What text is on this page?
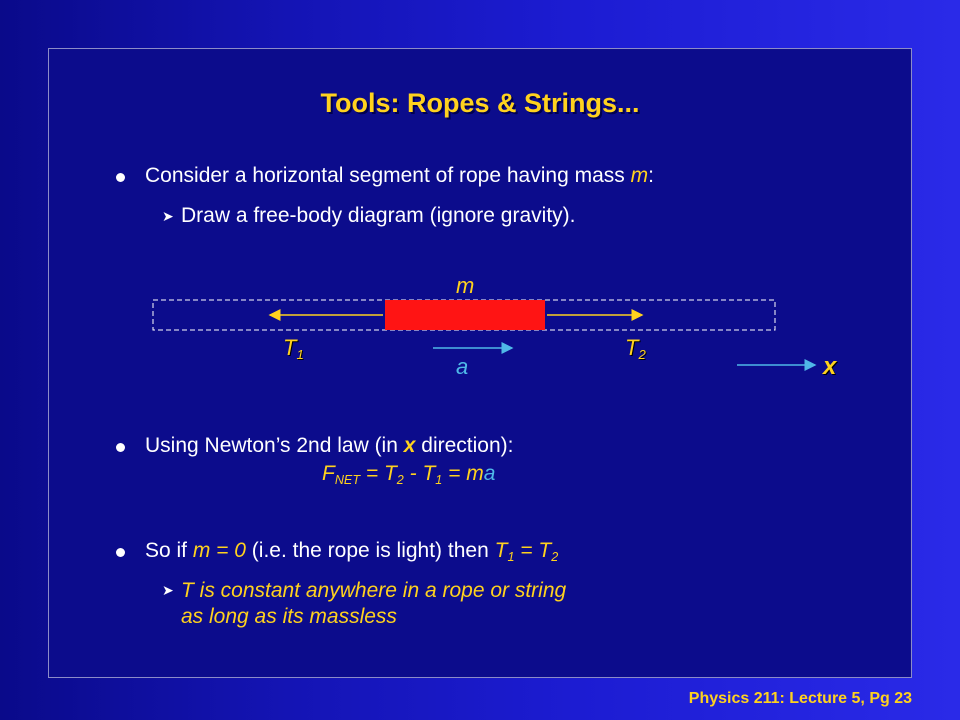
Tools: Ropes & Strings...
Consider a horizontal segment of rope having mass m:
➤ Draw a free-body diagram (ignore gravity).
m
$T_1$	$T_2$
a	x
Using Newton’s 2nd law (in x direction):
$F_{NET} = T_2 - T_1$ = ma
So if m = 0 (i.e. the rope is light) then $T_1 = T_2$
➤ T is constant anywhere in a rope or string
as long as its massless
Physics 211: Lecture 5, Pg 23
